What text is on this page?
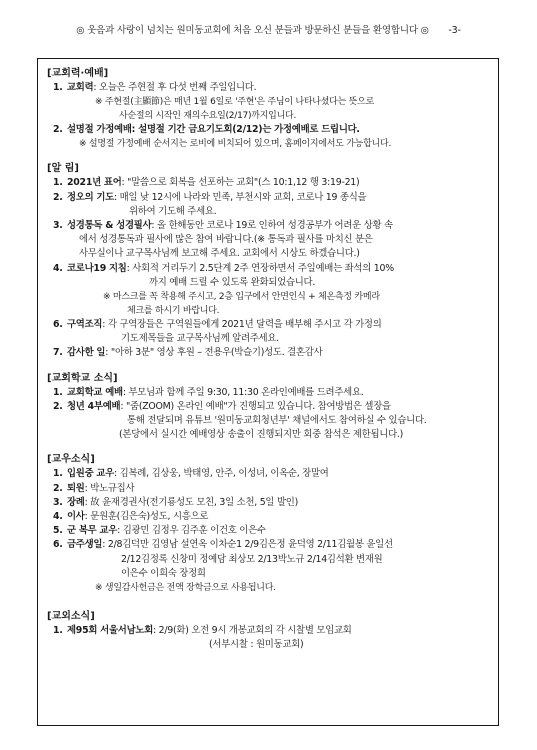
◎ 웃음과 사랑이 넘치는 원미동교회에 처음 오신 분들과 방문하신 분들을 환영합니다 ◎ -3-
[교회력·예배]
1. 교회력: 오늘은 주현절 후 다섯 번째 주일입니다.
※ 주현절(主顯節)은 매년 1월 6일로 '주현'은 주님이 나타나셨다는 뜻으로
사순절의 시작인 재의수요일(2/17)까지입니다.
2. 설명절 가정예배: 설명절 기간 금요기도회(2/12)는 가정예배로 드립니다.
※ 설명절 가정예배 순서지는 로비에 비치되어 있으며, 홈페이지에서도 가능합니다.
[알 림]
1. 2021년 표어: "말씀으로 회복을 선포하는 교회"(스 10:1,12 행 3:19-21)
2. 정오의 기도: 매일 낮 12시에 나라와 민족, 부천시와 교회, 코로나 19 종식을
위하여 기도해 주세요.
3. 성경통독 & 성경필사: 올 한해동안 코로나 19로 인하여 성경공부가 어려운 상황 속
에서 성경통독과 필사에 많은 참여 바랍니다.(※ 통독과 필사를 마치신 분은
사무실이나 교구목사님께 보고해 주세요. 교회에서 시상도 하겠습니다.)
4. 코로나19 지침: 사회적 거리두기 2.5단계 2주 연장하면서 주일예배는 좌석의 10%
까지 예배 드릴 수 있도록 완화되었습니다.
※ 마스크를 꼭 착용해 주시고, 2층 입구에서 안면인식 + 체온측정 카메라
체크를 하시기 바랍니다.
6. 구역조직: 각 구역장들은 구역원들에게 2021년 달력을 배부해 주시고 각 가정의
기도제목들을 교구목사님께 알려주세요.
7. 감사한 일: "아하 3분" 영상 후원 – 전용우(박슬기)성도. 결혼감사
[교회학교 소식]
1. 교회학교 예배: 부모님과 함께 주일 9:30, 11:30 온라인예배를 드려주세요.
2. 청년 4부예배: "줌(ZOOM) 온라인 예배"가 진행되고 있습니다. 참여방법은 셀장을
통해 전달되며 유튜브 '원미동교회청년부' 채널에서도 참여하실 수 있습니다.
(본당에서 실시간 예배영상 송출이 진행되지만 회중 참석은 제한됩니다.)
[교우소식]
1. 입원중 교우: 김복례, 김상웅, 박태영, 안주, 이성녀, 이옥순, 장말여
2. 퇴원: 박노규집사
3. 장례: 故 윤재경권사(전기룡성도 모친, 3일 소천, 5일 발인)
4. 이사: 문원훈(김은숙)성도, 시흥으로
5. 군 복무 교우: 김광민 김정우 김주훈 이건호 이은수
6. 금주생일: 2/8김덕만 김영남 설연옥 이차순1 2/9김은정 윤덕영 2/11김월봉 윤일선
2/12김정록 신창미 정예담 최상모 2/13박노규 2/14김석환 변재원
이은수 이희숙 장정희
※ 생일감사헌금은 전액 장학금으로 사용됩니다.
[교외소식]
1. 제95회 서울서남노회: 2/9(화) 오전 9시 개봉교회의 각 시찰별 모임교회
(서부시찰 : 원미동교회)
